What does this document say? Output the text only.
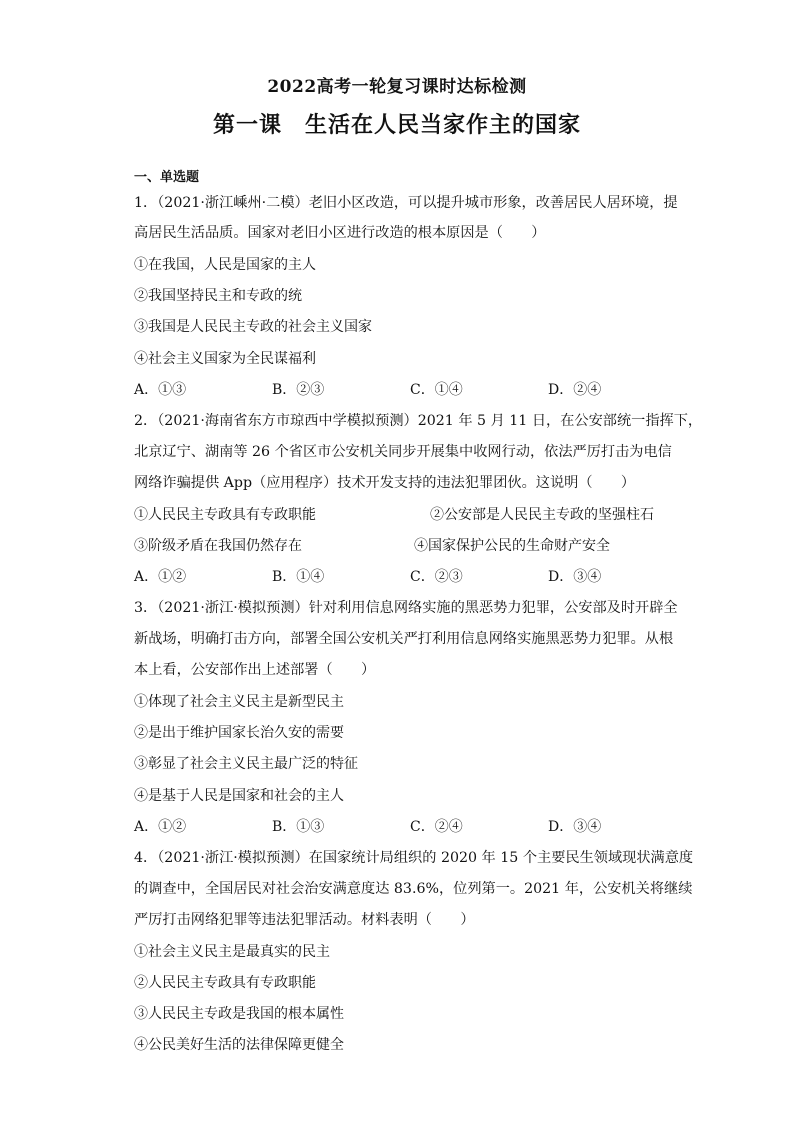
2022高考一轮复习课时达标检测
第一课　生活在人民当家作主的国家
一、单选题
1．（2021·浙江嵊州·二模）老旧小区改造，可以提升城市形象，改善居民人居环境，提
高居民生活品质。国家对老旧小区进行改造的根本原因是（　　）
①在我国，人民是国家的主人
②我国坚持民主和专政的统
③我国是人民民主专政的社会主义国家
④社会主义国家为全民谋福利
A．①③	B．②③	C．①④	D．②④
2．（2021·海南省东方市琼西中学模拟预测）2021 年 5 月 11 日，在公安部统一指挥下，
北京辽宁、湖南等 26 个省区市公安机关同步开展集中收网行动，依法严厉打击为电信
网络诈骗提供 App（应用程序）技术开发支持的违法犯罪团伙。这说明（　　）
①人民民主专政具有专政职能	②公安部是人民民主专政的坚强柱石
③阶级矛盾在我国仍然存在	④国家保护公民的生命财产安全
A．①②	B．①④	C．②③	D．③④
3．（2021·浙江·模拟预测）针对利用信息网络实施的黑恶势力犯罪，公安部及时开辟全
新战场，明确打击方向，部署全国公安机关严打利用信息网络实施黑恶势力犯罪。从根
本上看，公安部作出上述部署（　　）
①体现了社会主义民主是新型民主
②是出于维护国家长治久安的需要
③彰显了社会主义民主最广泛的特征
④是基于人民是国家和社会的主人
A．①②	B．①③	C．②④	D．③④
4．（2021·浙江·模拟预测）在国家统计局组织的 2020 年 15 个主要民生领域现状满意度
的调查中，全国居民对社会治安满意度达 83.6%，位列第一。2021 年，公安机关将继续
严厉打击网络犯罪等违法犯罪活动。材料表明（　　）
①社会主义民主是最真实的民主
②人民民主专政具有专政职能
③人民民主专政是我国的根本属性
④公民美好生活的法律保障更健全
